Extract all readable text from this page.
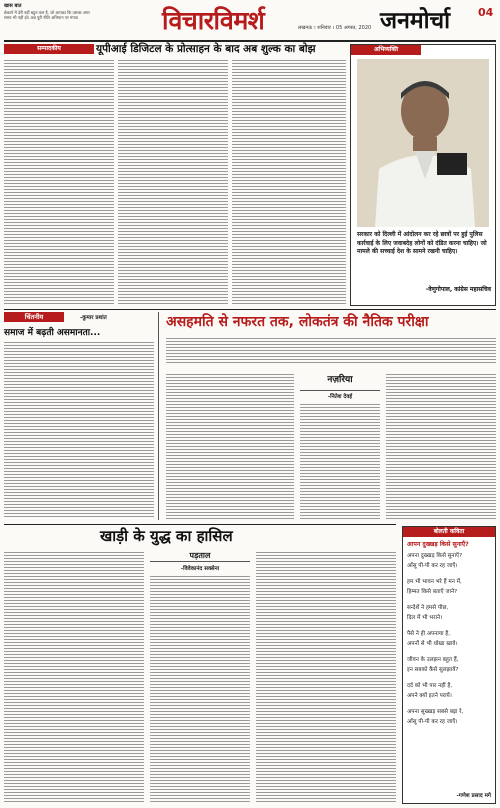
खास बात
छेकाने में देरी नहीं बहुत कम है, जो आपका कि उसका अगर समय भी नहीं हो। अब पूरी नीति अभियान पर मंगवा	विचारविमर्श	लखनऊ । शनिवार । 05 अगस्त, 2020 जनमोर्चा	04
सम्पादकीय	यूपीआई डिजिटल के प्रोत्साहन के बाद अब शुल्क का बोझ	अभिव्यक्ति
सरकार को दिल्ली में आंदोलन कर रहे छात्रों पर हुई पुलिस कार्रवाई के लिए जवाबदेह लोगों को दंडित करना चाहिए। जो मामले की सच्चाई देश के सामने रखनी चाहिए।
-वेणुगोपाल, कांग्रेस महासचिव
चिंतनीय	-कुमार प्रशांत
समाज में बढ़ती असमानता...
असहमति से नफरत तक, लोकतंत्र की नैतिक परीक्षा
नज़रिया
-नितेश देवई
खाड़ी के युद्ध का हासिल
पड़ताल
-विवेकानंद सक्सेना
बोलती कविता
आपन दुख्खड़ किसे सुनाएँ?
अपना दुख्खड़ किसे सुनाएँ?
आँसू पी-पी कर रह जाएँ।
हम भी भावन भरे हैं मन में,
हिम्मत किसे बताएँ जाने?
सन्देशें ने हमसे पीछ,
दिल में भी भराने।
पैसे ने ही अपनाया है,
अपनों से भी धोखा खाये।
जीवन के उलझन बहुत हैं,
इन सबको कैसे सुलझायें?
दर्द को भी पार नहीं है,
अपने क्यों इतने परायें।
अपना सुख्खड़ सबसे बढ़ा रे,
आँसू पी-पी कर रह जाएँ।
-गणेश प्रसाद मगे
